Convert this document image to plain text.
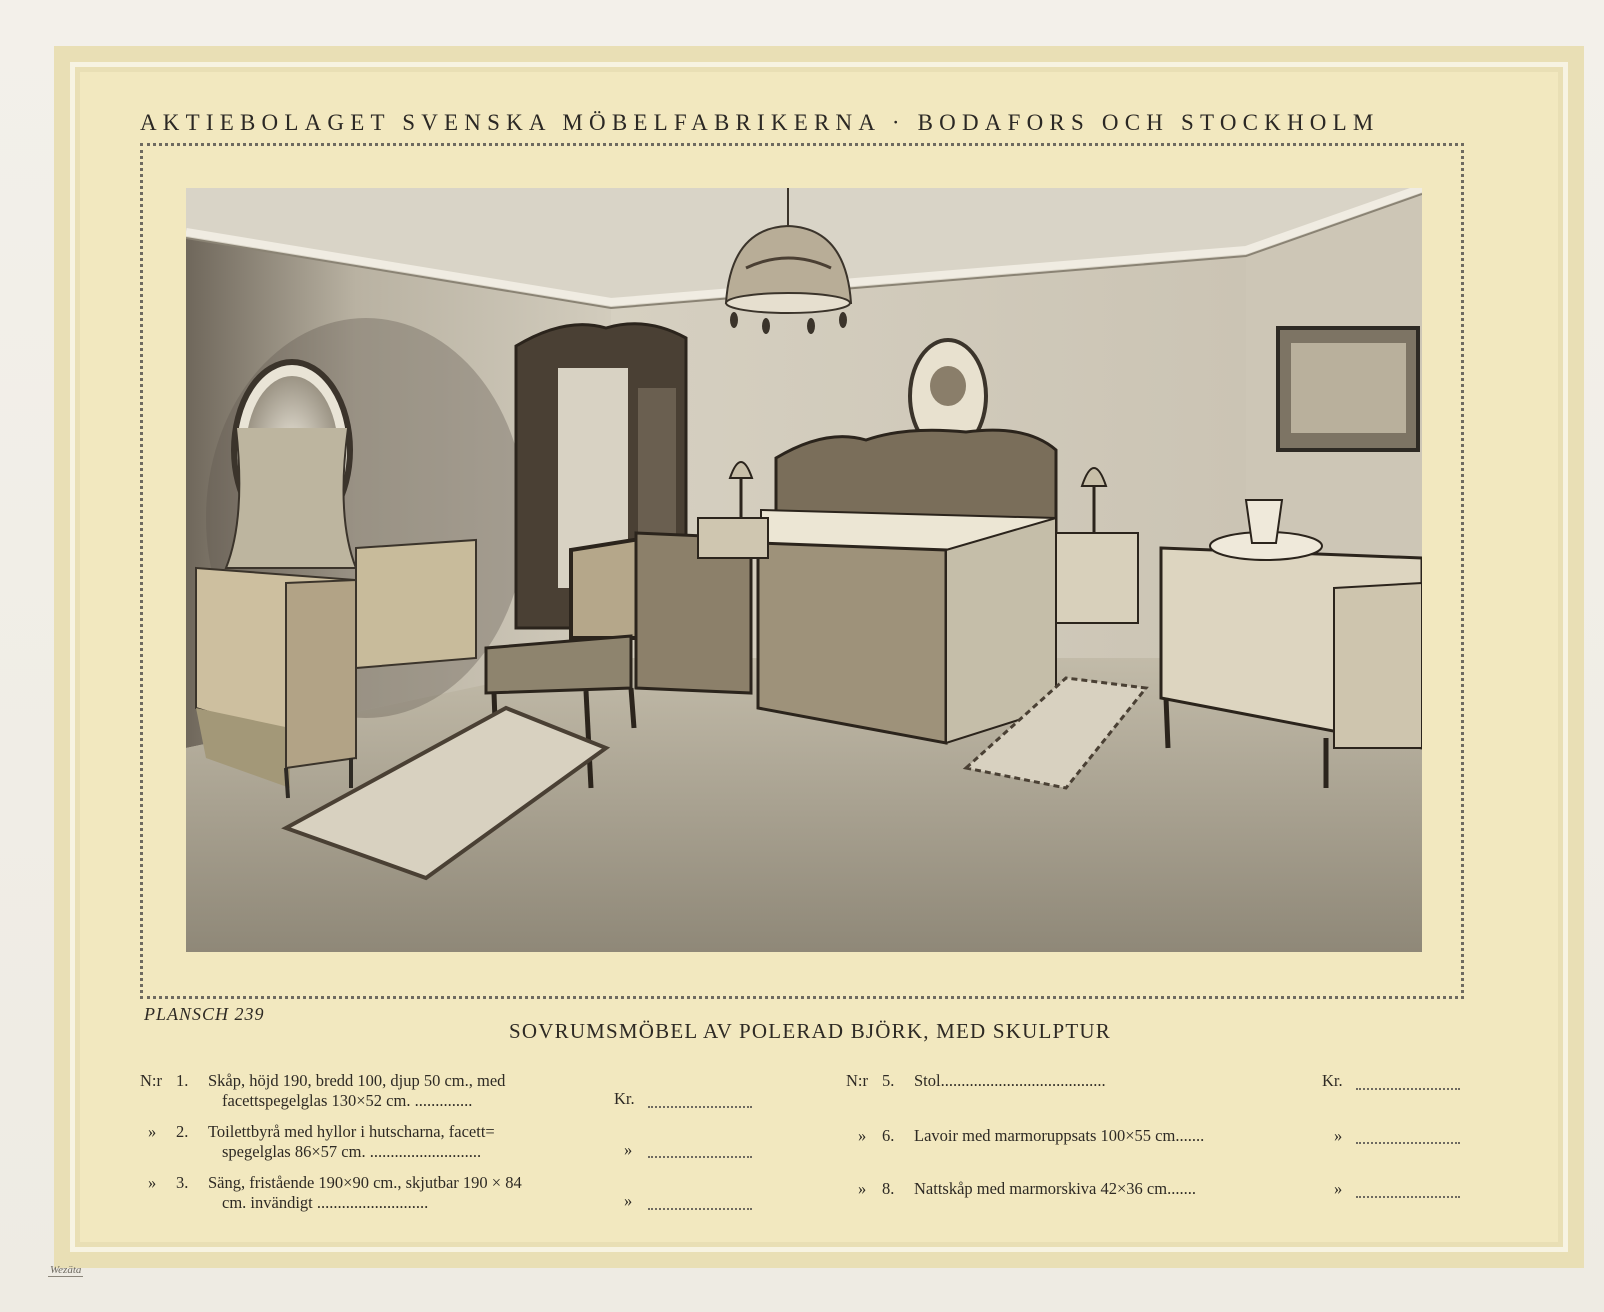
AKTIEBOLAGET SVENSKA MÖBELFABRIKERNA · BODAFORS OCH STOCKHOLM
PLANSCH 239
SOVRUMSMÖBEL AV POLERAD BJÖRK, MED SKULPTUR
N:r 1. Skåp, höjd 190, bredd 100, djup 50 cm., med
facettspegelglas 130×52 cm. ..............	Kr.
» 2. Toilettbyrå med hyllor i hutscharna, facett=
spegelglas 86×57 cm. ...........................	»
» 3. Säng, fristående 190×90 cm., skjutbar 190 × 84
cm. invändigt ...........................	»
N:r 5. Stol........................................	Kr.
» 6. Lavoir med marmoruppsats 100×55 cm.......	»
» 8. Nattskåp med marmorskiva 42×36 cm.......	»
Wezäta
